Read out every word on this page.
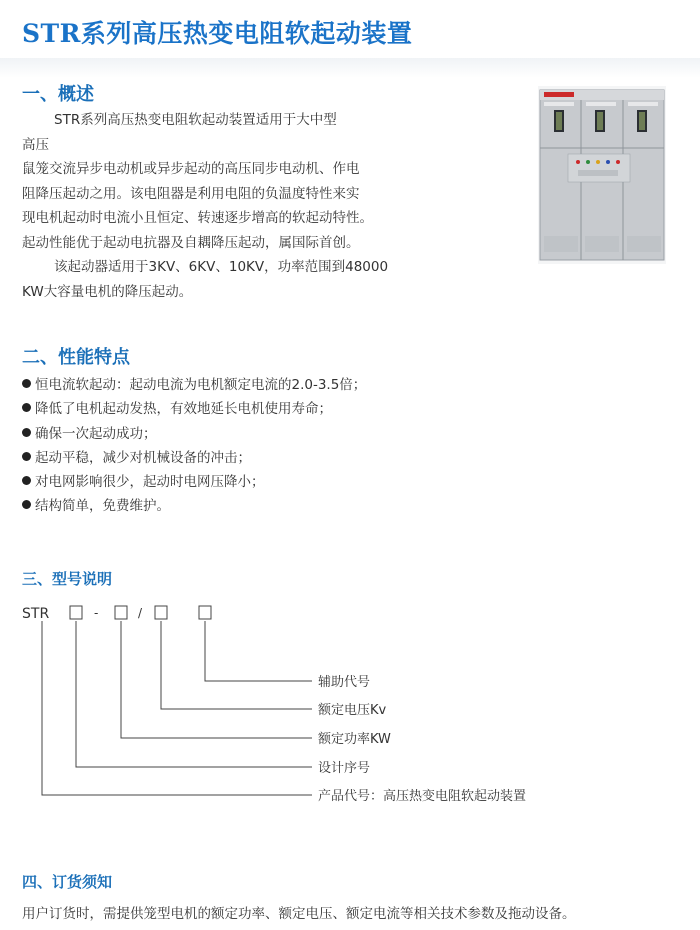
STR系列高压热变电阻软起动装置
一、概述
STR系列高压热变电阻软起动装置适用于大中型
高压
鼠笼交流异步电动机或异步起动的高压同步电动机、作电
阻降压起动之用。该电阻器是利用电阻的负温度特性来实
现电机起动时电流小且恒定、转速逐步增高的软起动特性。
起动性能优于起动电抗器及自耦降压起动，属国际首创。
该起动器适用于3KV、6KV、10KV，功率范围到48000
KW大容量电机的降压起动。
二、性能特点
恒电流软起动：起动电流为电机额定电流的2.0-3.5倍；
降低了电机起动发热，有效地延长电机使用寿命；
确保一次起动成功；
起动平稳，减少对机械设备的冲击；
对电网影响很少，起动时电网压降小；
结构简单，免费维护。
三、型号说明
STR	-	/
辅助代号
额定电压Kv
额定功率KW
设计序号
产品代号：高压热变电阻软起动装置
四、订货须知
用户订货时，需提供笼型电机的额定功率、额定电压、额定电流等相关技术参数及拖动设备。
